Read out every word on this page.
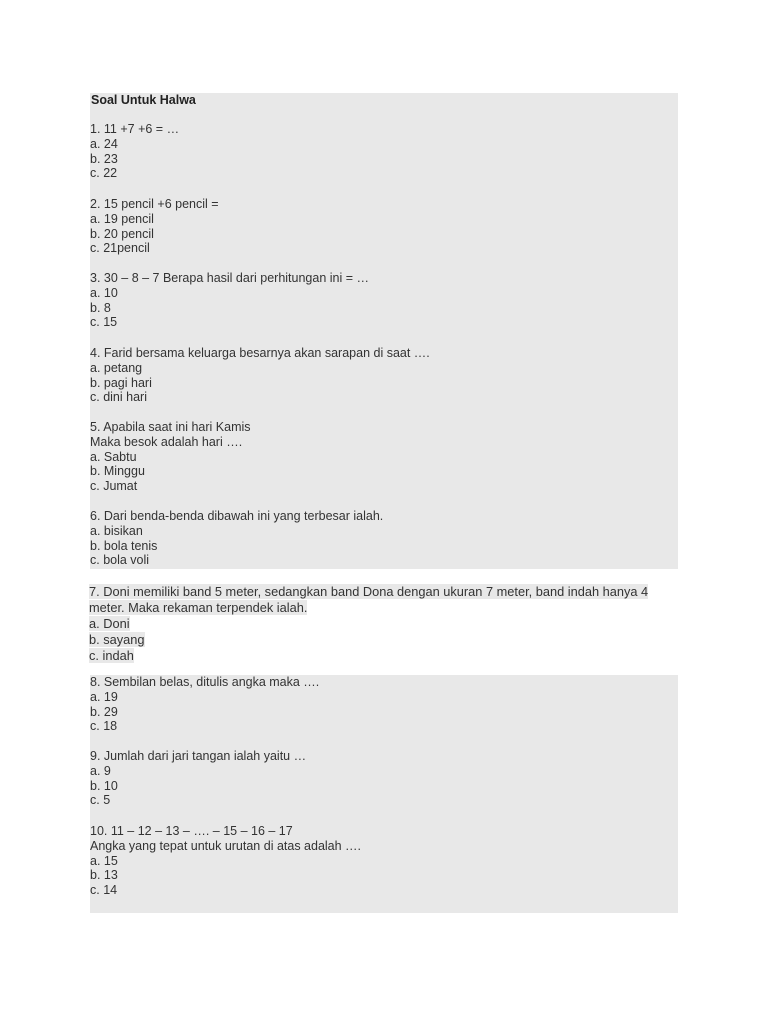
Soal Untuk Halwa

1. 11 +7 +6 = …

a. 24

b. 23

c. 22

2. 15 pencil +6 pencil =

a. 19 pencil

b. 20 pencil

c. 21pencil

3. 30 – 8 – 7 Berapa hasil dari perhitungan ini = …

a. 10

b. 8

c. 15

4. Farid bersama keluarga besarnya akan sarapan di saat ….

a. petang

b. pagi hari

c. dini hari

5. Apabila saat ini hari Kamis

Maka besok adalah hari ….

a. Sabtu

b. Minggu

c. Jumat

6. Dari benda-benda dibawah ini yang terbesar ialah.

a. bisikan

b. bola tenis

c. bola voli

7. Doni memiliki band 5 meter, sedangkan band Dona dengan ukuran 7 meter, band indah hanya 4

meter. Maka rekaman terpendek ialah.

a. Doni

b. sayang

c. indah

8. Sembilan belas, ditulis angka maka ….

a. 19

b. 29

c. 18

9. Jumlah dari jari tangan ialah yaitu …

a. 9

b. 10

c. 5

10. 11 – 12 – 13 – …. – 15 – 16 – 17

Angka yang tepat untuk urutan di atas adalah ….

a. 15

b. 13

c. 14
